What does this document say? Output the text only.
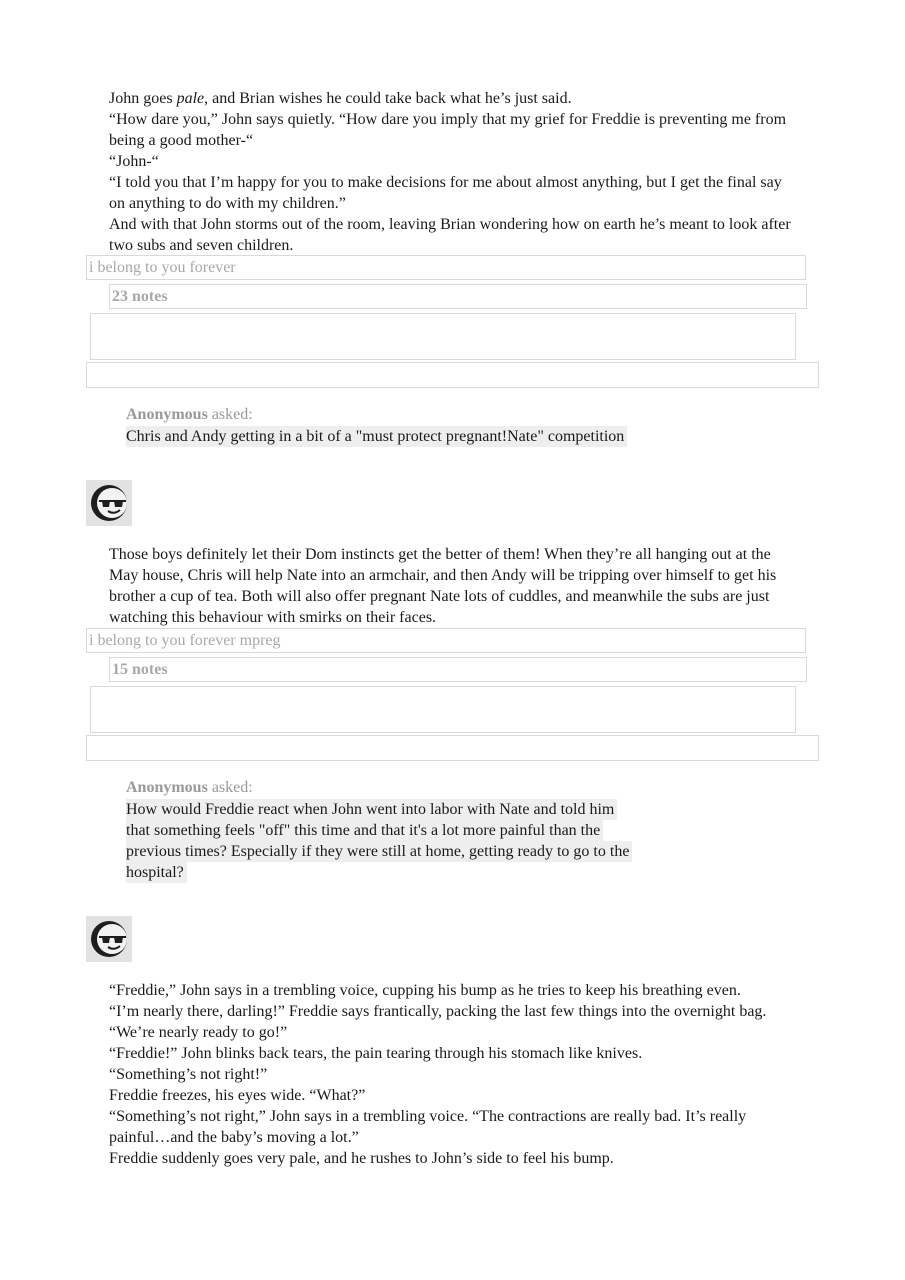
John goes pale, and Brian wishes he could take back what he’s just said.

“How dare you,” John says quietly. “How dare you imply that my grief for Freddie is preventing me from being a good mother-“

“John-“

“I told you that I’m happy for you to make decisions for me about almost anything, but I get the final say on anything to do with my children.”

And with that John storms out of the room, leaving Brian wondering how on earth he’s meant to look after two subs and seven children.

i belong to you forever
23 notes
Anonymous asked:
Chris and Andy getting in a bit of a "must protect pregnant!Nate" competition

Those boys definitely let their Dom instincts get the better of them! When they’re all hanging out at the May house, Chris will help Nate into an armchair, and then Andy will be tripping over himself to get his brother a cup of tea. Both will also offer pregnant Nate lots of cuddles, and meanwhile the subs are just watching this behaviour with smirks on their faces.

i belong to you forever mpreg
15 notes
Anonymous asked:
How would Freddie react when John went into labor with Nate and told him
that something feels "off" this time and that it's a lot more painful than the
previous times? Especially if they were still at home, getting ready to go to the
hospital?

“Freddie,” John says in a trembling voice, cupping his bump as he tries to keep his breathing even.

“I’m nearly there, darling!” Freddie says frantically, packing the last few things into the overnight bag. “We’re nearly ready to go!”

“Freddie!” John blinks back tears, the pain tearing through his stomach like knives.

“Something’s not right!”

Freddie freezes, his eyes wide. “What?”

“Something’s not right,” John says in a trembling voice. “The contractions are really bad. It’s really painful…and the baby’s moving a lot.”

Freddie suddenly goes very pale, and he rushes to John’s side to feel his bump.
